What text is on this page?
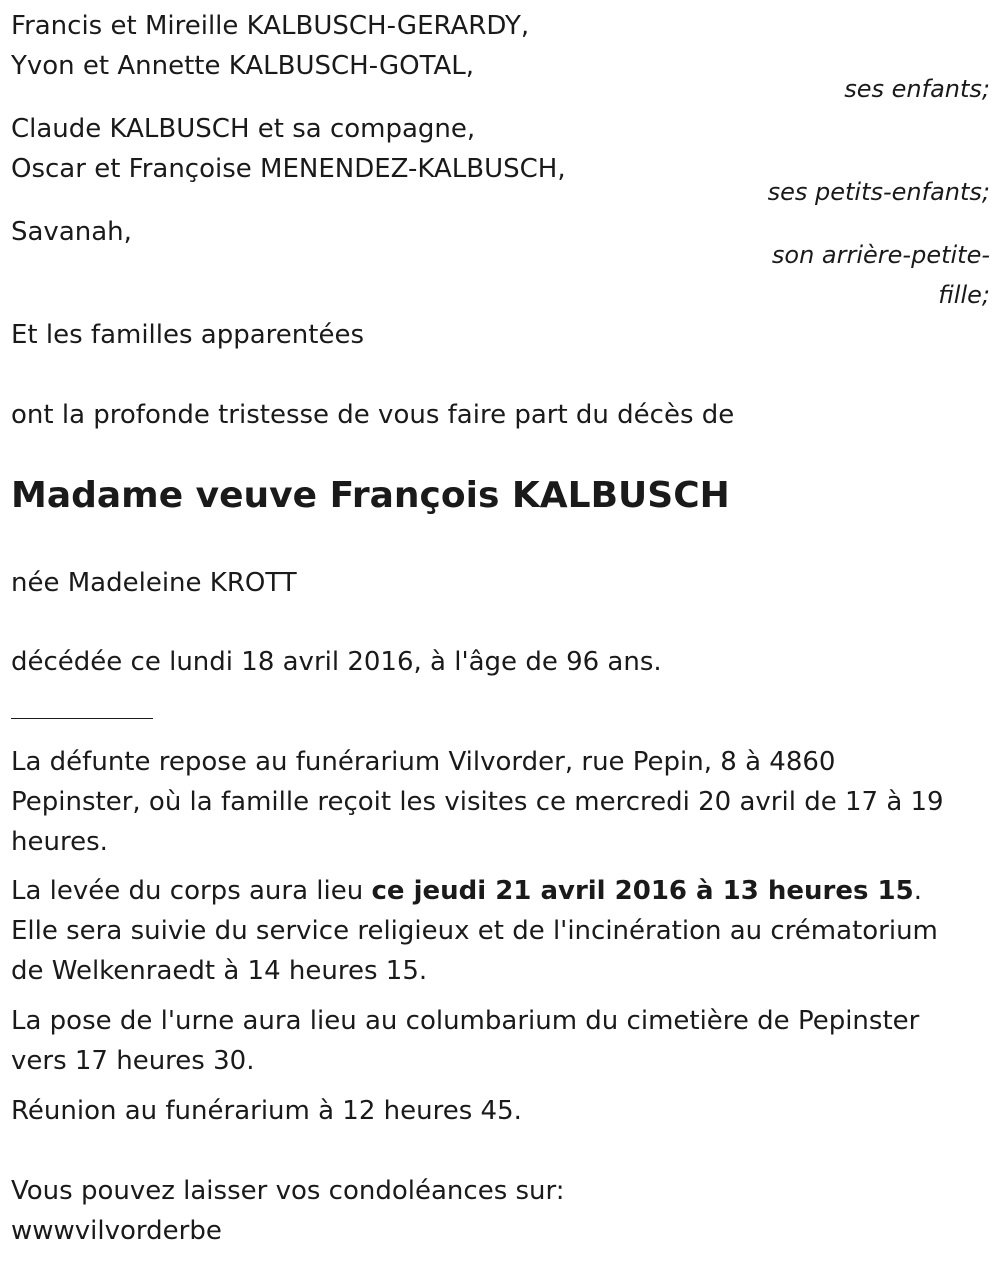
Francis et Mireille KALBUSCH-GERARDY,
Yvon et Annette KALBUSCH-GOTAL,
ses enfants;
Claude KALBUSCH et sa compagne,
Oscar et Françoise MENENDEZ-KALBUSCH,
ses petits-enfants;
Savanah,
son arrière-petite-
fille;
Et les familles apparentées
ont la profonde tristesse de vous faire part du décès de
Madame veuve François KALBUSCH
née Madeleine KROTT
décédée ce lundi 18 avril 2016, à l'âge de 96 ans.
La défunte repose au funérarium Vilvorder, rue Pepin, 8 à 4860 Pepinster, où la famille reçoit les visites ce mercredi 20 avril de 17 à 19 heures.
La levée du corps aura lieu ce jeudi 21 avril 2016 à 13 heures 15. Elle sera suivie du service religieux et de l'incinération au crématorium de Welkenraedt à 14 heures 15.
La pose de l'urne aura lieu au columbarium du cimetière de Pepinster vers 17 heures 30.
Réunion au funérarium à 12 heures 45.
Vous pouvez laisser vos condoléances sur:
wwwvilvorderbe
